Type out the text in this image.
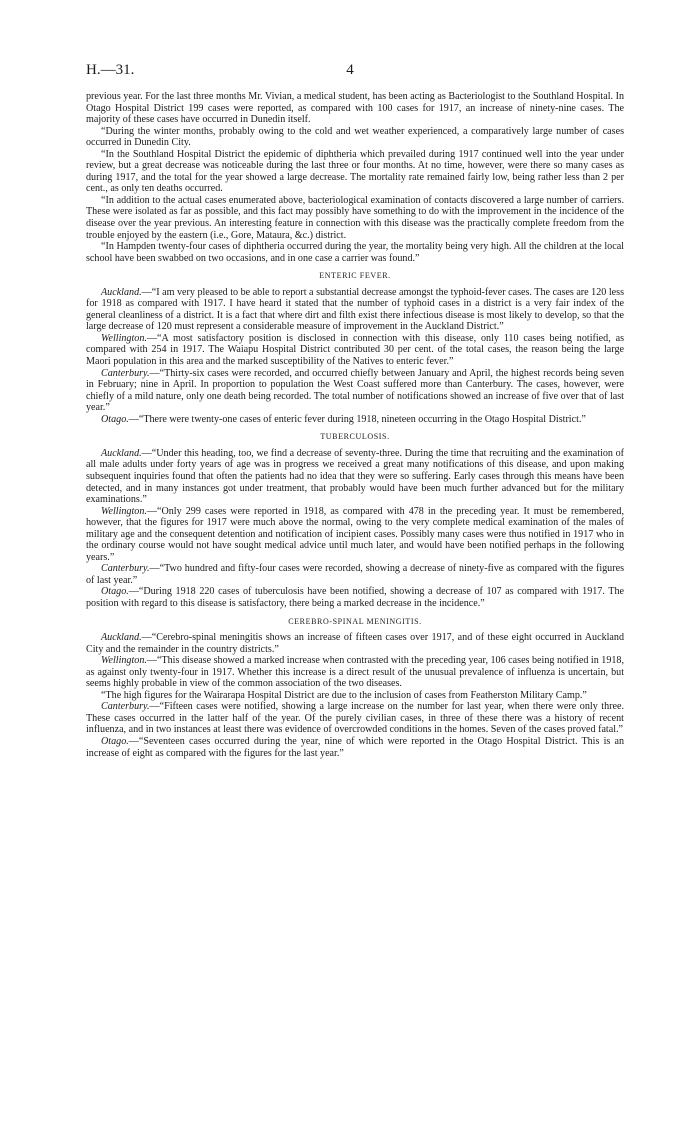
H.—31.	4

previous year. For the last three months Mr. Vivian, a medical student, has been acting as Bacteriologist to the Southland Hospital. In Otago Hospital District 199 cases were reported, as compared with 100 cases for 1917, an increase of ninety-nine cases. The majority of these cases have occurred in Dunedin itself.

“During the winter months, probably owing to the cold and wet weather experienced, a comparatively large number of cases occurred in Dunedin City.

“In the Southland Hospital District the epidemic of diphtheria which prevailed during 1917 continued well into the year under review, but a great decrease was noticeable during the last three or four months. At no time, however, were there so many cases as during 1917, and the total for the year showed a large decrease. The mortality rate remained fairly low, being rather less than 2 per cent., as only ten deaths occurred.

“In addition to the actual cases enumerated above, bacteriological examination of contacts discovered a large number of carriers. These were isolated as far as possible, and this fact may possibly have something to do with the improvement in the incidence of the disease over the year previous. An interesting feature in connection with this disease was the practically complete freedom from the trouble enjoyed by the eastern (i.e., Gore, Mataura, &c.) district.

“In Hampden twenty-four cases of diphtheria occurred during the year, the mortality being very high. All the children at the local school have been swabbed on two occasions, and in one case a carrier was found.”

ENTERIC FEVER.

Auckland.—“I am very pleased to be able to report a substantial decrease amongst the typhoid-fever cases. The cases are 120 less for 1918 as compared with 1917. I have heard it stated that the number of typhoid cases in a district is a very fair index of the general cleanliness of a district. It is a fact that where dirt and filth exist there infectious disease is most likely to develop, so that the large decrease of 120 must represent a considerable measure of improvement in the Auckland District.”

Wellington.—“A most satisfactory position is disclosed in connection with this disease, only 110 cases being notified, as compared with 254 in 1917. The Waiapu Hospital District contributed 30 per cent. of the total cases, the reason being the large Maori population in this area and the marked susceptibility of the Natives to enteric fever.”

Canterbury.—“Thirty-six cases were recorded, and occurred chiefly between January and April, the highest records being seven in February; nine in April. In proportion to population the West Coast suffered more than Canterbury. The cases, however, were chiefly of a mild nature, only one death being recorded. The total number of notifications showed an increase of five over that of last year.”

Otago.—“There were twenty-one cases of enteric fever during 1918, nineteen occurring in the Otago Hospital District.”

TUBERCULOSIS.

Auckland.—“Under this heading, too, we find a decrease of seventy-three. During the time that recruiting and the examination of all male adults under forty years of age was in progress we received a great many notifications of this disease, and upon making subsequent inquiries found that often the patients had no idea that they were so suffering. Early cases through this means have been detected, and in many instances got under treatment, that probably would have been much further advanced but for the military examinations.”

Wellington.—“Only 299 cases were reported in 1918, as compared with 478 in the preceding year. It must be remembered, however, that the figures for 1917 were much above the normal, owing to the very complete medical examination of the males of military age and the consequent detention and notification of incipient cases. Possibly many cases were thus notified in 1917 who in the ordinary course would not have sought medical advice until much later, and would have been notified perhaps in the following years.”

Canterbury.—“Two hundred and fifty-four cases were recorded, showing a decrease of ninety-five as compared with the figures of last year.”

Otago.—“During 1918 220 cases of tuberculosis have been notified, showing a decrease of 107 as compared with 1917. The position with regard to this disease is satisfactory, there being a marked decrease in the incidence.”

CEREBRO-SPINAL MENINGITIS.

Auckland.—“Cerebro-spinal meningitis shows an increase of fifteen cases over 1917, and of these eight occurred in Auckland City and the remainder in the country districts.”

Wellington.—“This disease showed a marked increase when contrasted with the preceding year, 106 cases being notified in 1918, as against only twenty-four in 1917. Whether this increase is a direct result of the unusual prevalence of influenza is uncertain, but seems highly probable in view of the common association of the two diseases.

“The high figures for the Wairarapa Hospital District are due to the inclusion of cases from Featherston Military Camp.”

Canterbury.—“Fifteen cases were notified, showing a large increase on the number for last year, when there were only three. These cases occurred in the latter half of the year. Of the purely civilian cases, in three of these there was a history of recent influenza, and in two instances at least there was evidence of overcrowded conditions in the homes. Seven of the cases proved fatal.”

Otago.—“Seventeen cases occurred during the year, nine of which were reported in the Otago Hospital District. This is an increase of eight as compared with the figures for the last year.”
